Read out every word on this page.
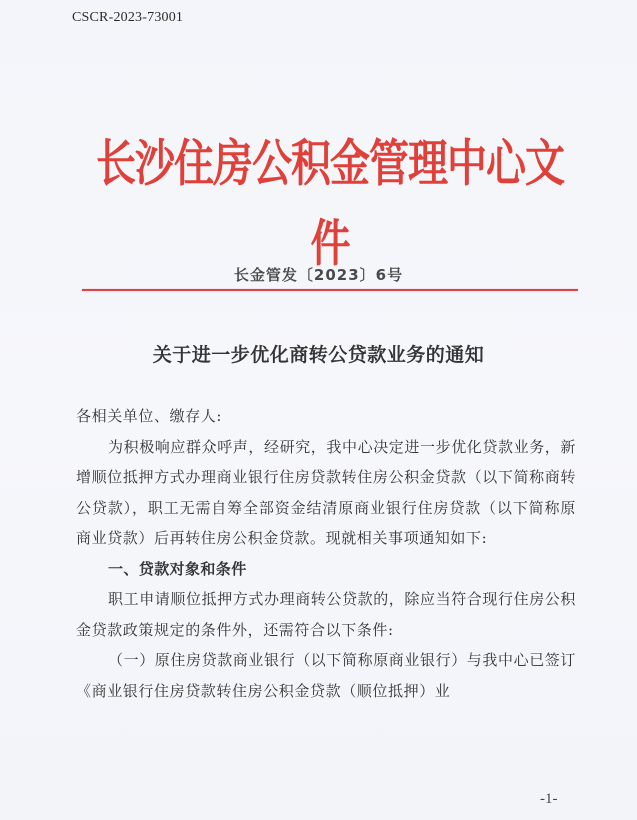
CSCR-2023-73001
长沙住房公积金管理中心文件
长金管发〔2023〕6号
关于进一步优化商转公贷款业务的通知

各相关单位、缴存人:

为积极响应群众呼声，经研究，我中心决定进一步优化贷款业务，新增顺位抵押方式办理商业银行住房贷款转住房公积金贷款（以下简称商转公贷款），职工无需自筹全部资金结清原商业银行住房贷款（以下简称原商业贷款）后再转住房公积金贷款。现就相关事项通知如下:

一、贷款对象和条件

职工申请顺位抵押方式办理商转公贷款的，除应当符合现行住房公积金贷款政策规定的条件外，还需符合以下条件:

（一）原住房贷款商业银行（以下简称原商业银行）与我中心已签订《商业银行住房贷款转住房公积金贷款（顺位抵押）业

-1-
